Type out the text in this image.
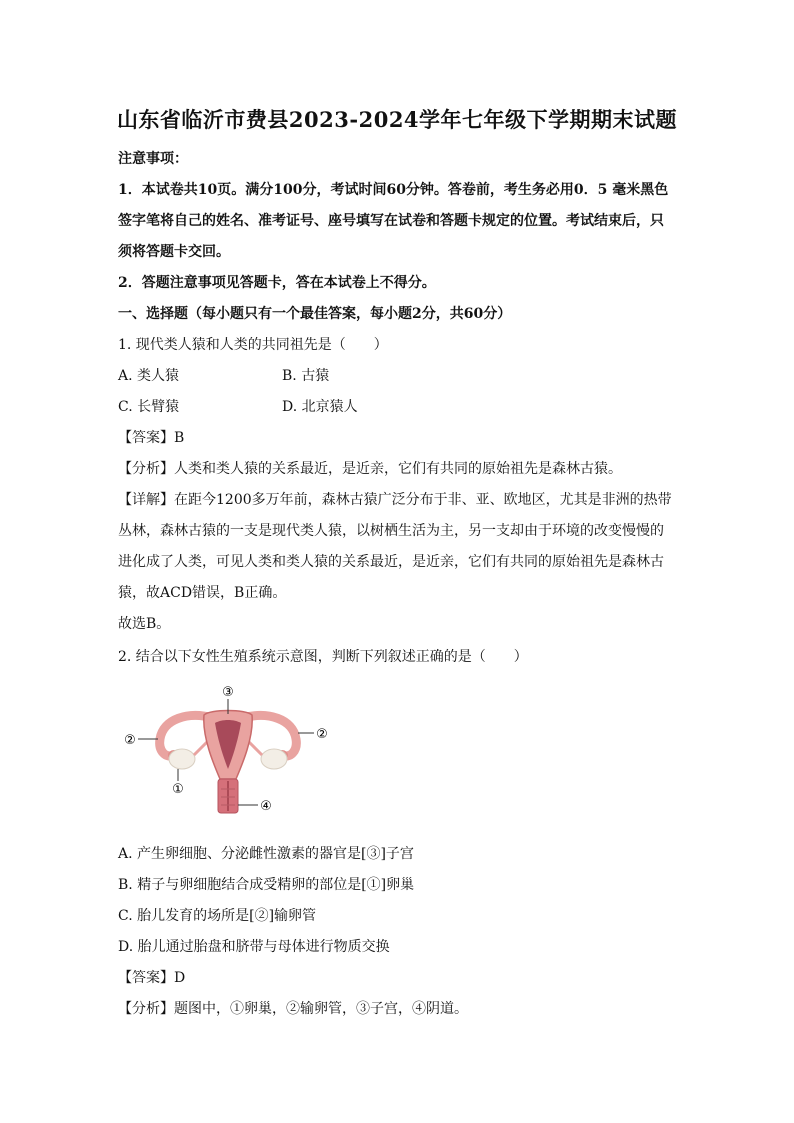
山东省临沂市费县2023-2024学年七年级下学期期末试题
注意事项：
1．本试卷共10页。满分100分，考试时间60分钟。答卷前，考生务必用0．5 毫米黑色
签字笔将自己的姓名、准考证号、座号填写在试卷和答题卡规定的位置。考试结束后，只
须将答题卡交回。
2．答题注意事项见答题卡，答在本试卷上不得分。
一、选择题（每小题只有一个最佳答案，每小题2分，共60分）
1. 现代类人猿和人类的共同祖先是（　　）
A. 类人猿	B. 古猿
C. 长臂猿	D. 北京猿人
【答案】B
【分析】人类和类人猿的关系最近，是近亲，它们有共同的原始祖先是森林古猿。
【详解】在距今1200多万年前，森林古猿广泛分布于非、亚、欧地区，尤其是非洲的热带
丛林，森林古猿的一支是现代类人猿，以树栖生活为主，另一支却由于环境的改变慢慢的
进化成了人类，可见人类和类人猿的关系最近，是近亲，它们有共同的原始祖先是森林古
猿，故ACD错误，B正确。
故选B。
2. 结合以下女性生殖系统示意图，判断下列叙述正确的是（　　）
③
②	②
①
④
A. 产生卵细胞、分泌雌性激素的器官是[③]子宫
B. 精子与卵细胞结合成受精卵的部位是[①]卵巢
C. 胎儿发育的场所是[②]输卵管
D. 胎儿通过胎盘和脐带与母体进行物质交换
【答案】D
【分析】题图中，①卵巢，②输卵管，③子宫，④阴道。
